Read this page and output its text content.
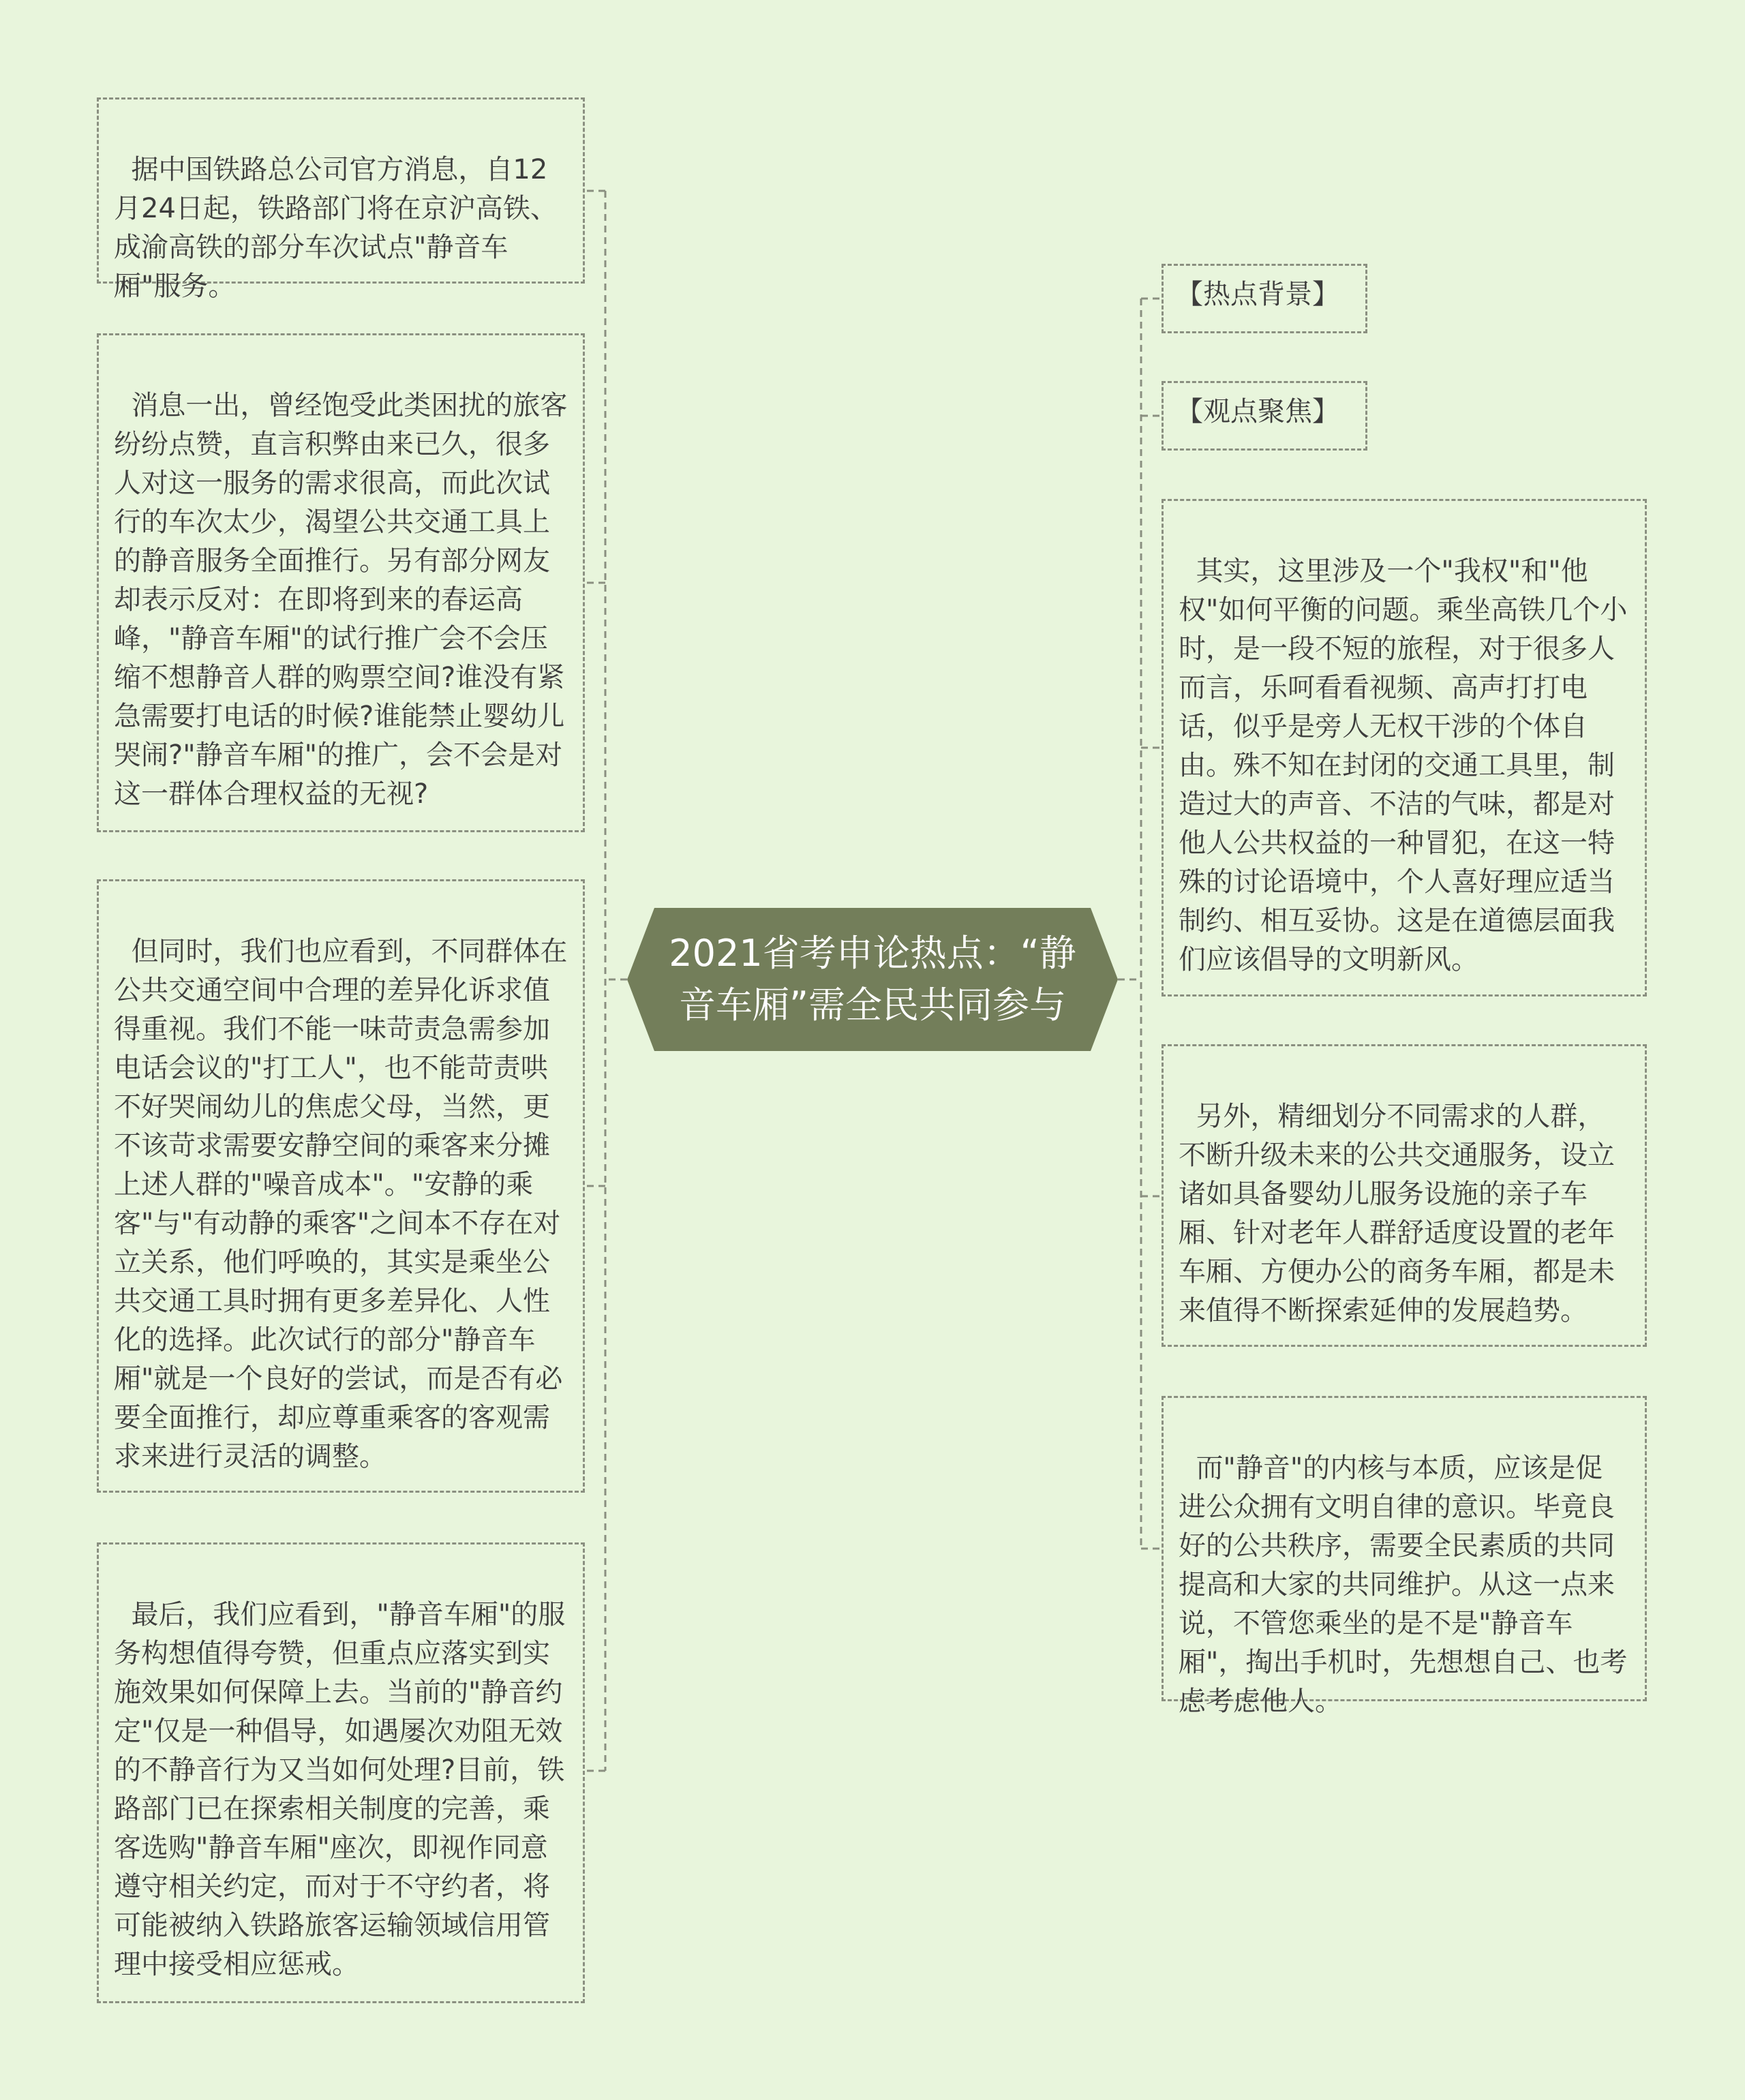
2021省考申论热点：“静音车厢”需全民共同参与

据中国铁路总公司官方消息，自12月24日起，铁路部门将在京沪高铁、成渝高铁的部分车次试点"静音车厢"服务。

消息一出，曾经饱受此类困扰的旅客纷纷点赞，直言积弊由来已久，很多人对这一服务的需求很高，而此次试行的车次太少，渴望公共交通工具上的静音服务全面推行。另有部分网友却表示反对：在即将到来的春运高峰，"静音车厢"的试行推广会不会压缩不想静音人群的购票空间?谁没有紧急需要打电话的时候?谁能禁止婴幼儿哭闹?"静音车厢"的推广，会不会是对这一群体合理权益的无视?

但同时，我们也应看到，不同群体在公共交通空间中合理的差异化诉求值得重视。我们不能一味苛责急需参加电话会议的"打工人"，也不能苛责哄不好哭闹幼儿的焦虑父母，当然，更不该苛求需要安静空间的乘客来分摊上述人群的"噪音成本"。"安静的乘客"与"有动静的乘客"之间本不存在对立关系，他们呼唤的，其实是乘坐公共交通工具时拥有更多差异化、人性化的选择。此次试行的部分"静音车厢"就是一个良好的尝试，而是否有必要全面推行，却应尊重乘客的客观需求来进行灵活的调整。

最后，我们应看到，"静音车厢"的服务构想值得夸赞，但重点应落实到实施效果如何保障上去。当前的"静音约定"仅是一种倡导，如遇屡次劝阻无效的不静音行为又当如何处理?目前，铁路部门已在探索相关制度的完善，乘客选购"静音车厢"座次，即视作同意遵守相关约定，而对于不守约者，将可能被纳入铁路旅客运输领域信用管理中接受相应惩戒。

【热点背景】
【观点聚焦】

其实，这里涉及一个"我权"和"他权"如何平衡的问题。乘坐高铁几个小时，是一段不短的旅程，对于很多人而言，乐呵看看视频、高声打打电话，似乎是旁人无权干涉的个体自由。殊不知在封闭的交通工具里，制造过大的声音、不洁的气味，都是对他人公共权益的一种冒犯，在这一特殊的讨论语境中，个人喜好理应适当制约、相互妥协。这是在道德层面我们应该倡导的文明新风。

另外，精细划分不同需求的人群，不断升级未来的公共交通服务，设立诸如具备婴幼儿服务设施的亲子车厢、针对老年人群舒适度设置的老年车厢、方便办公的商务车厢，都是未来值得不断探索延伸的发展趋势。

而"静音"的内核与本质，应该是促进公众拥有文明自律的意识。毕竟良好的公共秩序，需要全民素质的共同提高和大家的共同维护。从这一点来说，不管您乘坐的是不是"静音车厢"，掏出手机时，先想想自己、也考虑考虑他人。
